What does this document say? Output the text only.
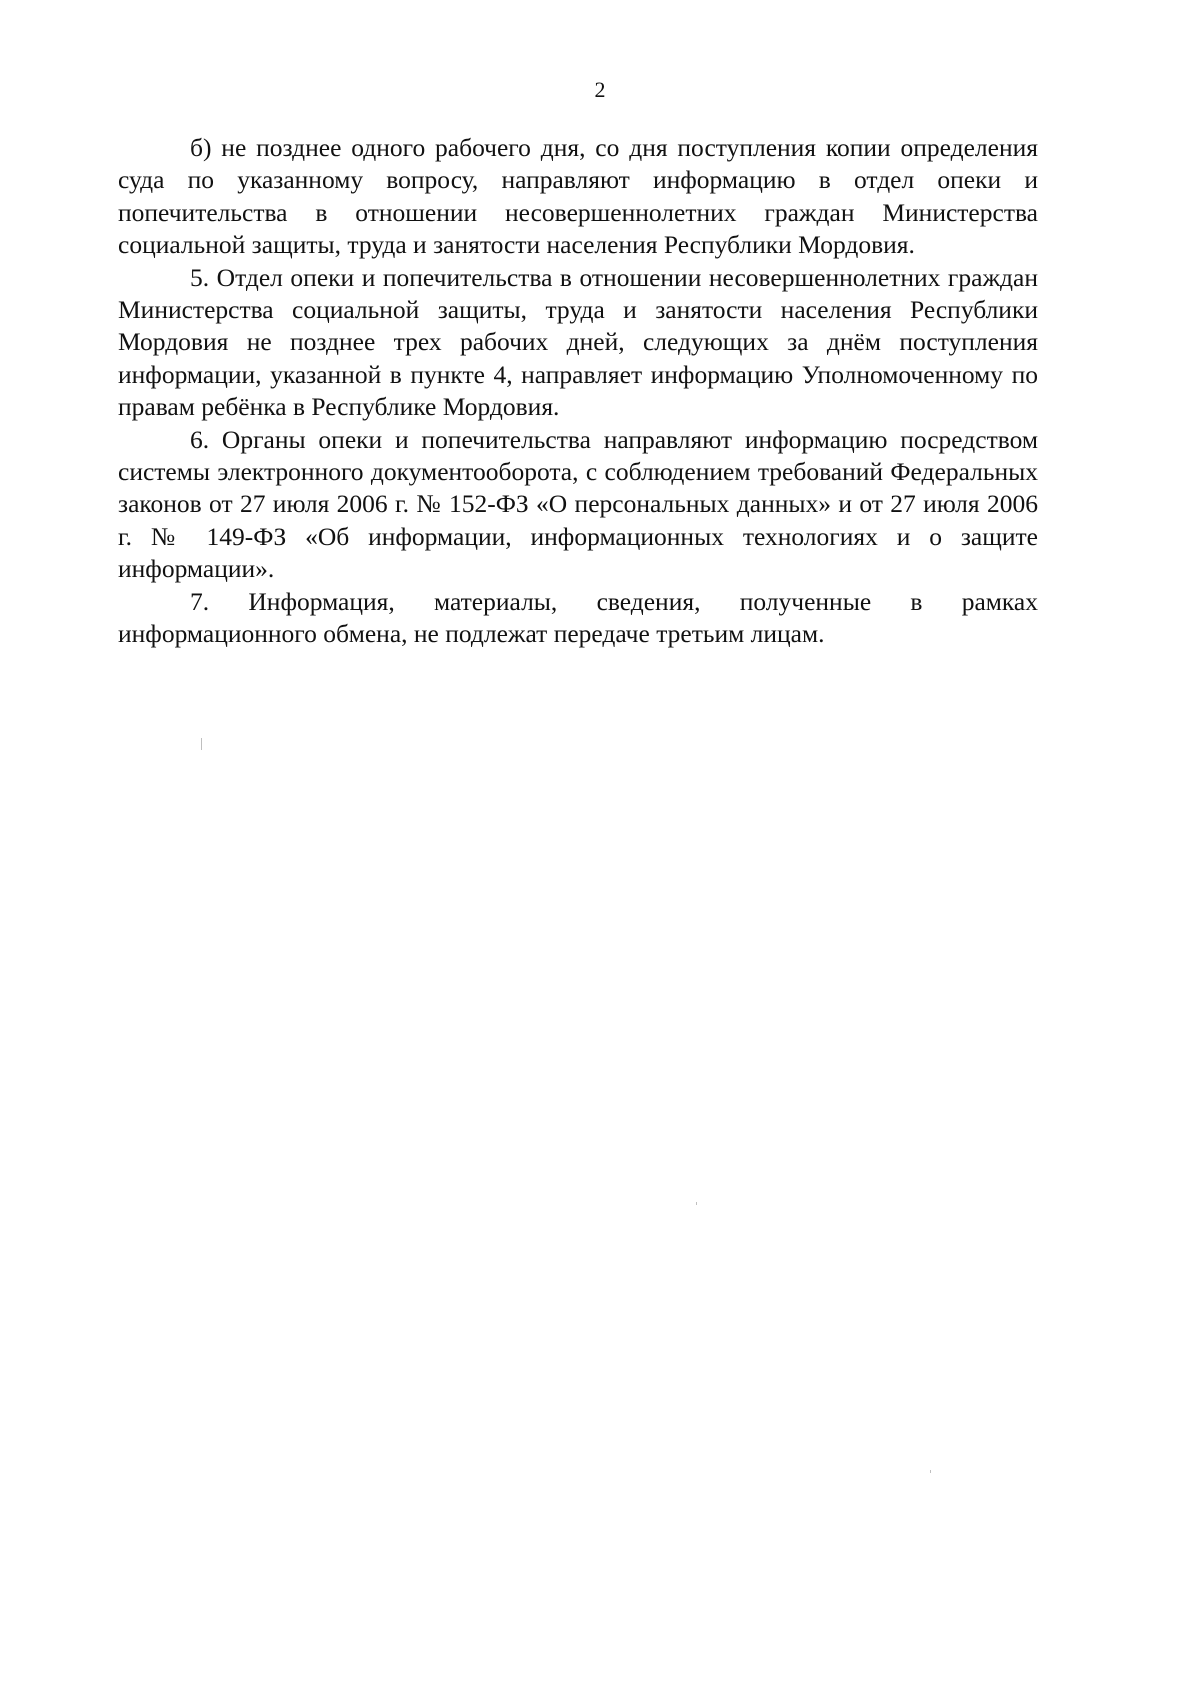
2

б) не позднее одного рабочего дня, со дня поступления копии определения суда по указанному вопросу, направляют информацию в отдел опеки и попечительства в отношении несовершеннолетних граждан Министерства социальной защиты, труда и занятости населения Республики Мордовия.

5. Отдел опеки и попечительства в отношении несовершеннолетних граждан Министерства социальной защиты, труда и занятости населения Республики Мордовия не позднее трех рабочих дней, следующих за днём поступления информации, указанной в пункте 4, направляет информацию Уполномоченному по правам ребёнка в Республике Мордовия.

6. Органы опеки и попечительства направляют информацию посредством системы электронного документооборота, с соблюдением требований Федеральных законов от 27 июля 2006 г. № 152-ФЗ «О персональных данных» и от 27 июля 2006 г. № 149-ФЗ «Об информации, информационных технологиях и о защите информации».

7. Информация, материалы, сведения, полученные в рамках информационного обмена, не подлежат передаче третьим лицам.
